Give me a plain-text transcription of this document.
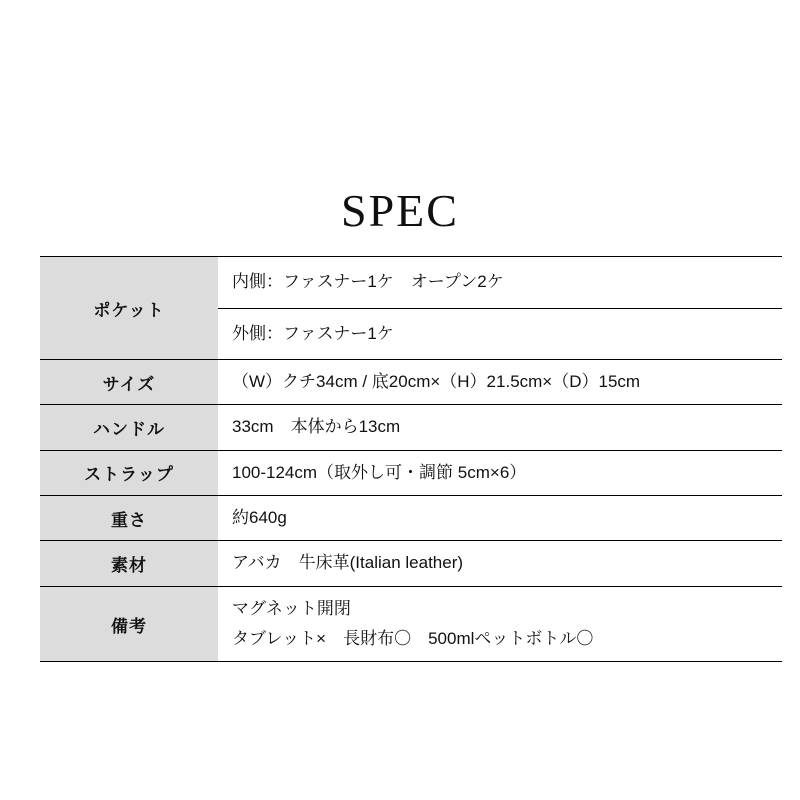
SPEC
ポケット	内側：ファスナー1ケ　オープン2ケ
	外側：ファスナー1ケ
サイズ	（W）クチ34cm / 底20cm×（H）21.5cm×（D）15cm
ハンドル	33cm　本体から13cm
ストラップ	100-124cm（取外し可・調節 5cm×6）
重さ	約640g
素材	アバカ　牛床革(Italian leather)
備考	マグネット開閉
タブレット×　長財布〇　500mlペットボトル〇
